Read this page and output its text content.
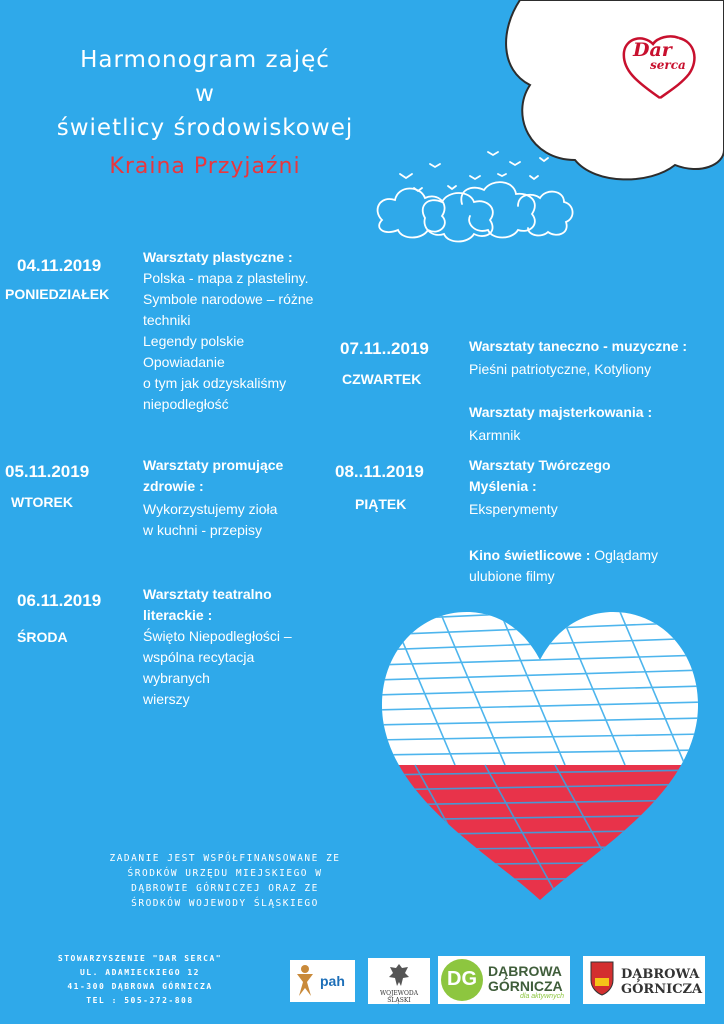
Dar
serca
Harmonogram zajęć
w
świetlicy środowiskowej
Kraina Przyjaźni
04.11.2019
PONIEDZIAŁEK
Warsztaty plastyczne :
Polska - mapa z plasteliny.
Symbole narodowe – różne
techniki
Legendy polskie
Opowiadanie
o tym jak odzyskaliśmy
niepodległość
05.11.2019
WTOREK
Warsztaty promujące
zdrowie :
Wykorzystujemy zioła
w kuchni - przepisy
06.11.2019
ŚRODA
Warsztaty teatralno
literackie :
Święto Niepodległości –
wspólna recytacja
wybranych
wierszy
07.11..2019
CZWARTEK
Warsztaty taneczno - muzyczne :
Pieśni patriotyczne, Kotyliony
Warsztaty majsterkowania :
Karmnik
08..11.2019
PIĄTEK
Warsztaty Twórczego
Myślenia :
Eksperymenty
Kino świetlicowe : Oglądamy
ulubione filmy
ZADANIE JEST WSPÓŁFINANSOWANE ZE
ŚRODKÓW URZĘDU MIEJSKIEGO W
DĄBROWIE GÓRNICZEJ ORAZ ZE
ŚRODKÓW WOJEWODY ŚLĄSKIEGO
STOWARZYSZENIE "DAR SERCA"
UL. ADAMIECKIEGO 12
41-300 DĄBROWA GÓRNICZA
TEL : 505-272-808
pah
WOJEWODA ŚLĄSKI
DG DĄBROWA
GÓRNICZA
dla aktywnych
DĄBROWA
GÓRNICZA
